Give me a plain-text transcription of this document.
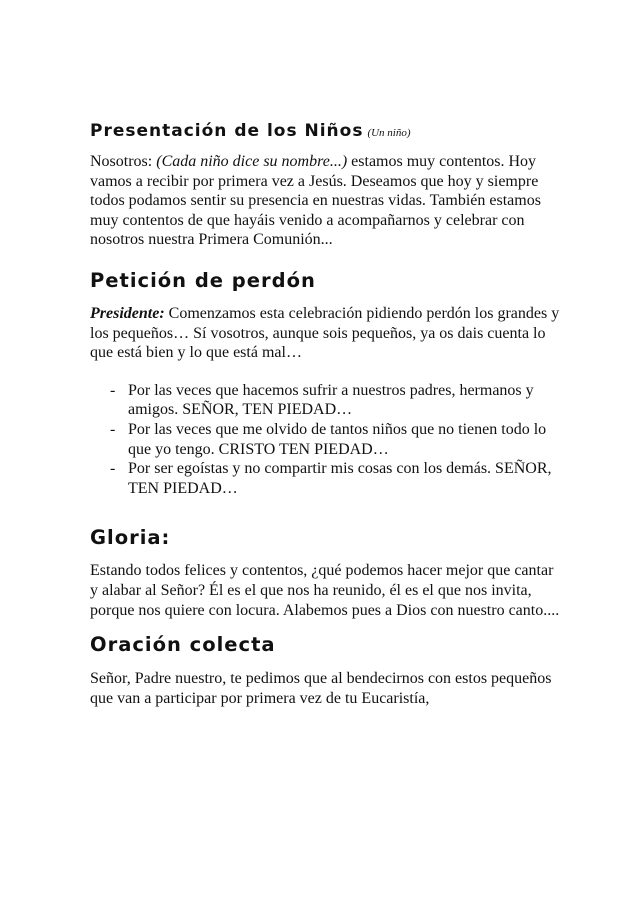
Presentación de los Niños (Un niño)

Nosotros: (Cada niño dice su nombre...) estamos muy contentos. Hoy vamos a recibir por primera vez a Jesús. Deseamos que hoy y siempre todos podamos sentir su presencia en nuestras vidas. También estamos muy contentos de que hayáis venido a acompañarnos y celebrar con nosotros nuestra Primera Comunión...

Petición de perdón

Presidente: Comenzamos esta celebración pidiendo perdón los grandes y los pequeños… Sí vosotros, aunque sois pequeños, ya os dais cuenta lo que está bien y lo que está mal…

- Por las veces que hacemos sufrir a nuestros padres, hermanos y amigos. SEÑOR, TEN PIEDAD…
- Por las veces que me olvido de tantos niños que no tienen todo lo que yo tengo. CRISTO TEN PIEDAD…
- Por ser egoístas y no compartir mis cosas con los demás. SEÑOR, TEN PIEDAD…
Gloria:

Estando todos felices y contentos, ¿qué podemos hacer mejor que cantar y alabar al Señor? Él es el que nos ha reunido, él es el que nos invita, porque nos quiere con locura. Alabemos pues a Dios con nuestro canto....

Oración colecta

Señor, Padre nuestro, te pedimos que al bendecirnos con estos pequeños que van a participar por primera vez de tu Eucaristía,
